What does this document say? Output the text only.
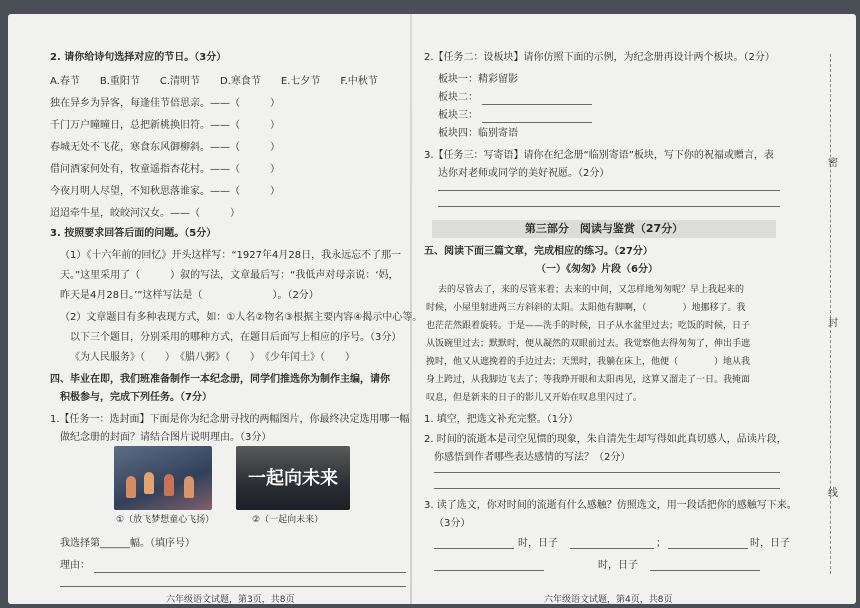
2. 请你给诗句选择对应的节日。（3分）
A.春节　　B.重阳节　　C.清明节　　D.寒食节　　E.七夕节　　F.中秋节
独在异乡为异客，每逢佳节倍思亲。——（　　　）
千门万户曈曈日，总把新桃换旧符。——（　　　）
春城无处不飞花，寒食东风御柳斜。——（　　　）
借问酒家何处有，牧童遥指杏花村。——（　　　）
今夜月明人尽望，不知秋思落谁家。——（　　　）
迢迢牵牛星，皎皎河汉女。——（　　　）
3. 按照要求回答后面的问题。（5分）
（1）《十六年前的回忆》开头这样写：“1927年4月28日，我永远忘不了那一
天。”这里采用了（　　　）叙的写法，文章最后写：“我低声对母亲说：‘妈，
昨天是4月28日。’”这样写法是（　　　　　　　）。（2分）
（2）文章题目有多种表现方式，如：①人名②物名③根据主要内容④揭示中心等。
以下三个题目，分别采用的哪种方式，在题目后面写上相应的序号。（3分）
《为人民服务》（　　）　《腊八粥》（　　）　《少年闰土》（　　）
四、毕业在即，我们班准备制作一本纪念册，同学们推选你为制作主编，请你
积极参与，完成下列任务。（7分）
1.【任务一：选封面】下面是你为纪念册寻找的两幅图片，你最终决定选用哪一幅
做纪念册的封面？请结合图片说明理由。（3分）
一起向未来
①（放飞梦想童心飞扬）	②（一起向未来）
我选择第______幅。（填序号）
理由：
六年级语文试题，第3页，共8页
2.【任务二：设板块】请你仿照下面的示例，为纪念册再设计两个板块。（2分）
板块一：精彩留影
板块二：
板块三：
板块四：临别寄语
3.【任务三：写寄语】请你在纪念册“临别寄语”板块，写下你的祝福或赠言，表
达你对老师或同学的美好祝愿。（2分）
第三部分　阅读与鉴赏（27分）
五、阅读下面三篇文章，完成相应的练习。（27分）
（一）《匆匆》片段（6分）
去的尽管去了，来的尽管来着；去来的中间，又怎样地匆匆呢？早上我起来的
时候，小屋里射进两三方斜斜的太阳。太阳他有脚啊，（　　　　）地挪移了。我
也茫茫然跟着旋转。于是——洗手的时候，日子从水盆里过去；吃饭的时候，日子
从饭碗里过去；默默时，便从凝然的双眼前过去。我觉察他去得匆匆了，伸出手遮
挽时，他又从遮挽着的手边过去；天黑时，我躺在床上，他便（　　　　）地从我
身上跨过，从我脚边飞去了；等我睁开眼和太阳再见，这算又溜走了一日。我掩面
叹息，但是新来的日子的影儿又开始在叹息里闪过了。
1. 填空，把选文补充完整。（1分）
2. 时间的流逝本是司空见惯的现象，朱自清先生却写得如此真切感人，品读片段，
你感悟到作者哪些表达感情的写法？（2分）
3. 读了选文，你对时间的流逝有什么感触？仿照选文，用一段话把你的感触写下来。
（3分）
时，日子	；	时，日子
时，日子
六年级语文试题，第4页，共8页
密
封
线
